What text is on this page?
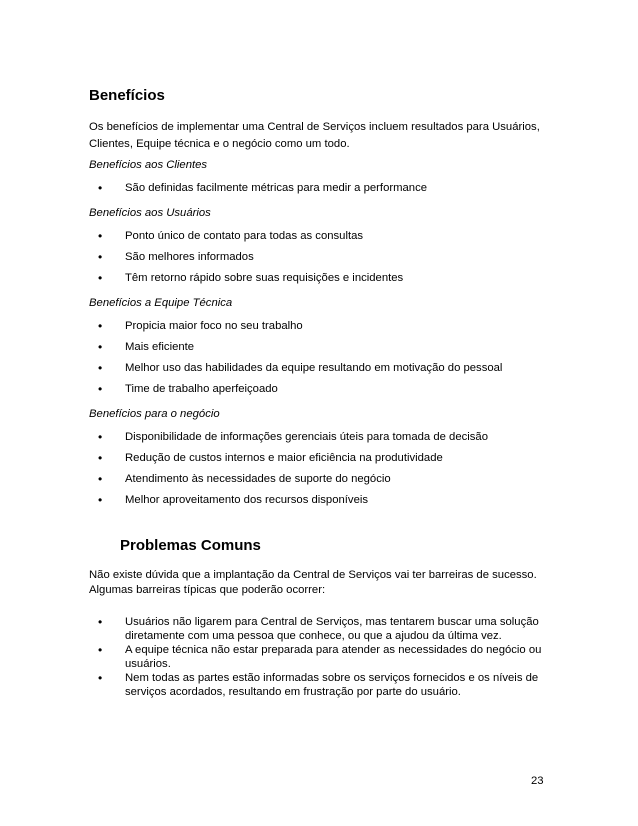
Benefícios

Os benefícios de implementar uma Central de Serviços incluem resultados para Usuários, Clientes, Equipe técnica e o negócio como um todo.

Benefícios aos Clientes

• São definidas facilmente métricas para medir a performance

Benefícios aos Usuários

• Ponto único de contato para todas as consultas
• São melhores informados
• Têm retorno rápido sobre suas requisições e incidentes

Benefícios a Equipe Técnica

• Propicia maior foco no seu trabalho
• Mais eficiente
• Melhor uso das habilidades da equipe resultando em motivação do pessoal
• Time de trabalho aperfeiçoado

Benefícios para o negócio

• Disponibilidade de informações gerenciais úteis para tomada de decisão
• Redução de custos internos e maior eficiência na produtividade
• Atendimento às necessidades de suporte do negócio
• Melhor aproveitamento dos recursos disponíveis
Problemas Comuns

Não existe dúvida que a implantação da Central de Serviços vai ter barreiras de sucesso. Algumas barreiras típicas que poderão ocorrer:

• Usuários não ligarem para Central de Serviços, mas tentarem buscar uma solução diretamente com uma pessoa que conhece, ou que a ajudou da última vez.
• A equipe técnica não estar preparada para atender as necessidades do negócio ou usuários.
• Nem todas as partes estão informadas sobre os serviços fornecidos e os níveis de serviços acordados, resultando em frustração por parte do usuário.

23
